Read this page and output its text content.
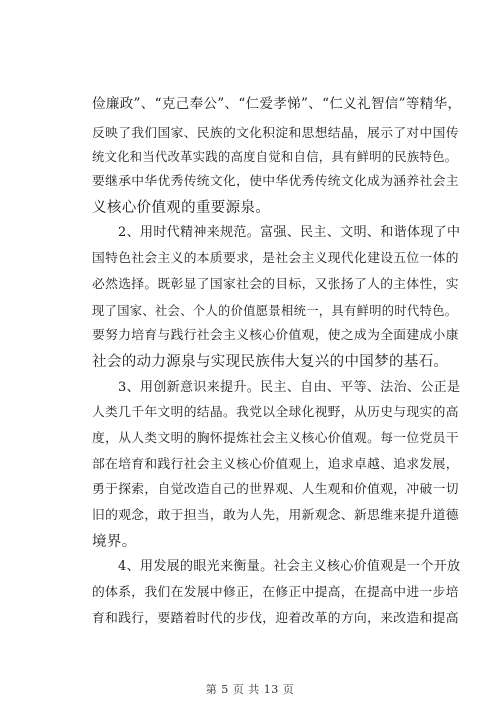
俭廉政”、“克己奉公”、“仁爱孝悌”、“仁义礼智信”等精华，
反映了我们国家、民族的文化积淀和思想结晶，展示了对中国传
统文化和当代改革实践的高度自觉和自信，具有鲜明的民族特色。
要继承中华优秀传统文化，使中华优秀传统文化成为涵养社会主
义核心价值观的重要源泉。
2、用时代精神来规范。富强、民主、文明、和谐体现了中
国特色社会主义的本质要求，是社会主义现代化建设五位一体的
必然选择。既彰显了国家社会的目标，又张扬了人的主体性，实
现了国家、社会、个人的价值愿景相统一，具有鲜明的时代特色。
要努力培育与践行社会主义核心价值观，使之成为全面建成小康
社会的动力源泉与实现民族伟大复兴的中国梦的基石。
3、用创新意识来提升。民主、自由、平等、法治、公正是
人类几千年文明的结晶。我党以全球化视野，从历史与现实的高
度，从人类文明的胸怀提炼社会主义核心价值观。每一位党员干
部在培育和践行社会主义核心价值观上，追求卓越、追求发展，
勇于探索，自觉改造自己的世界观、人生观和价值观，冲破一切
旧的观念，敢于担当，敢为人先，用新观念、新思维来提升道德
境界。
4、用发展的眼光来衡量。社会主义核心价值观是一个开放
的体系，我们在发展中修正，在修正中提高，在提高中进一步培
育和践行，要踏着时代的步伐，迎着改革的方向，来改造和提高
第 5 页 共 13 页
